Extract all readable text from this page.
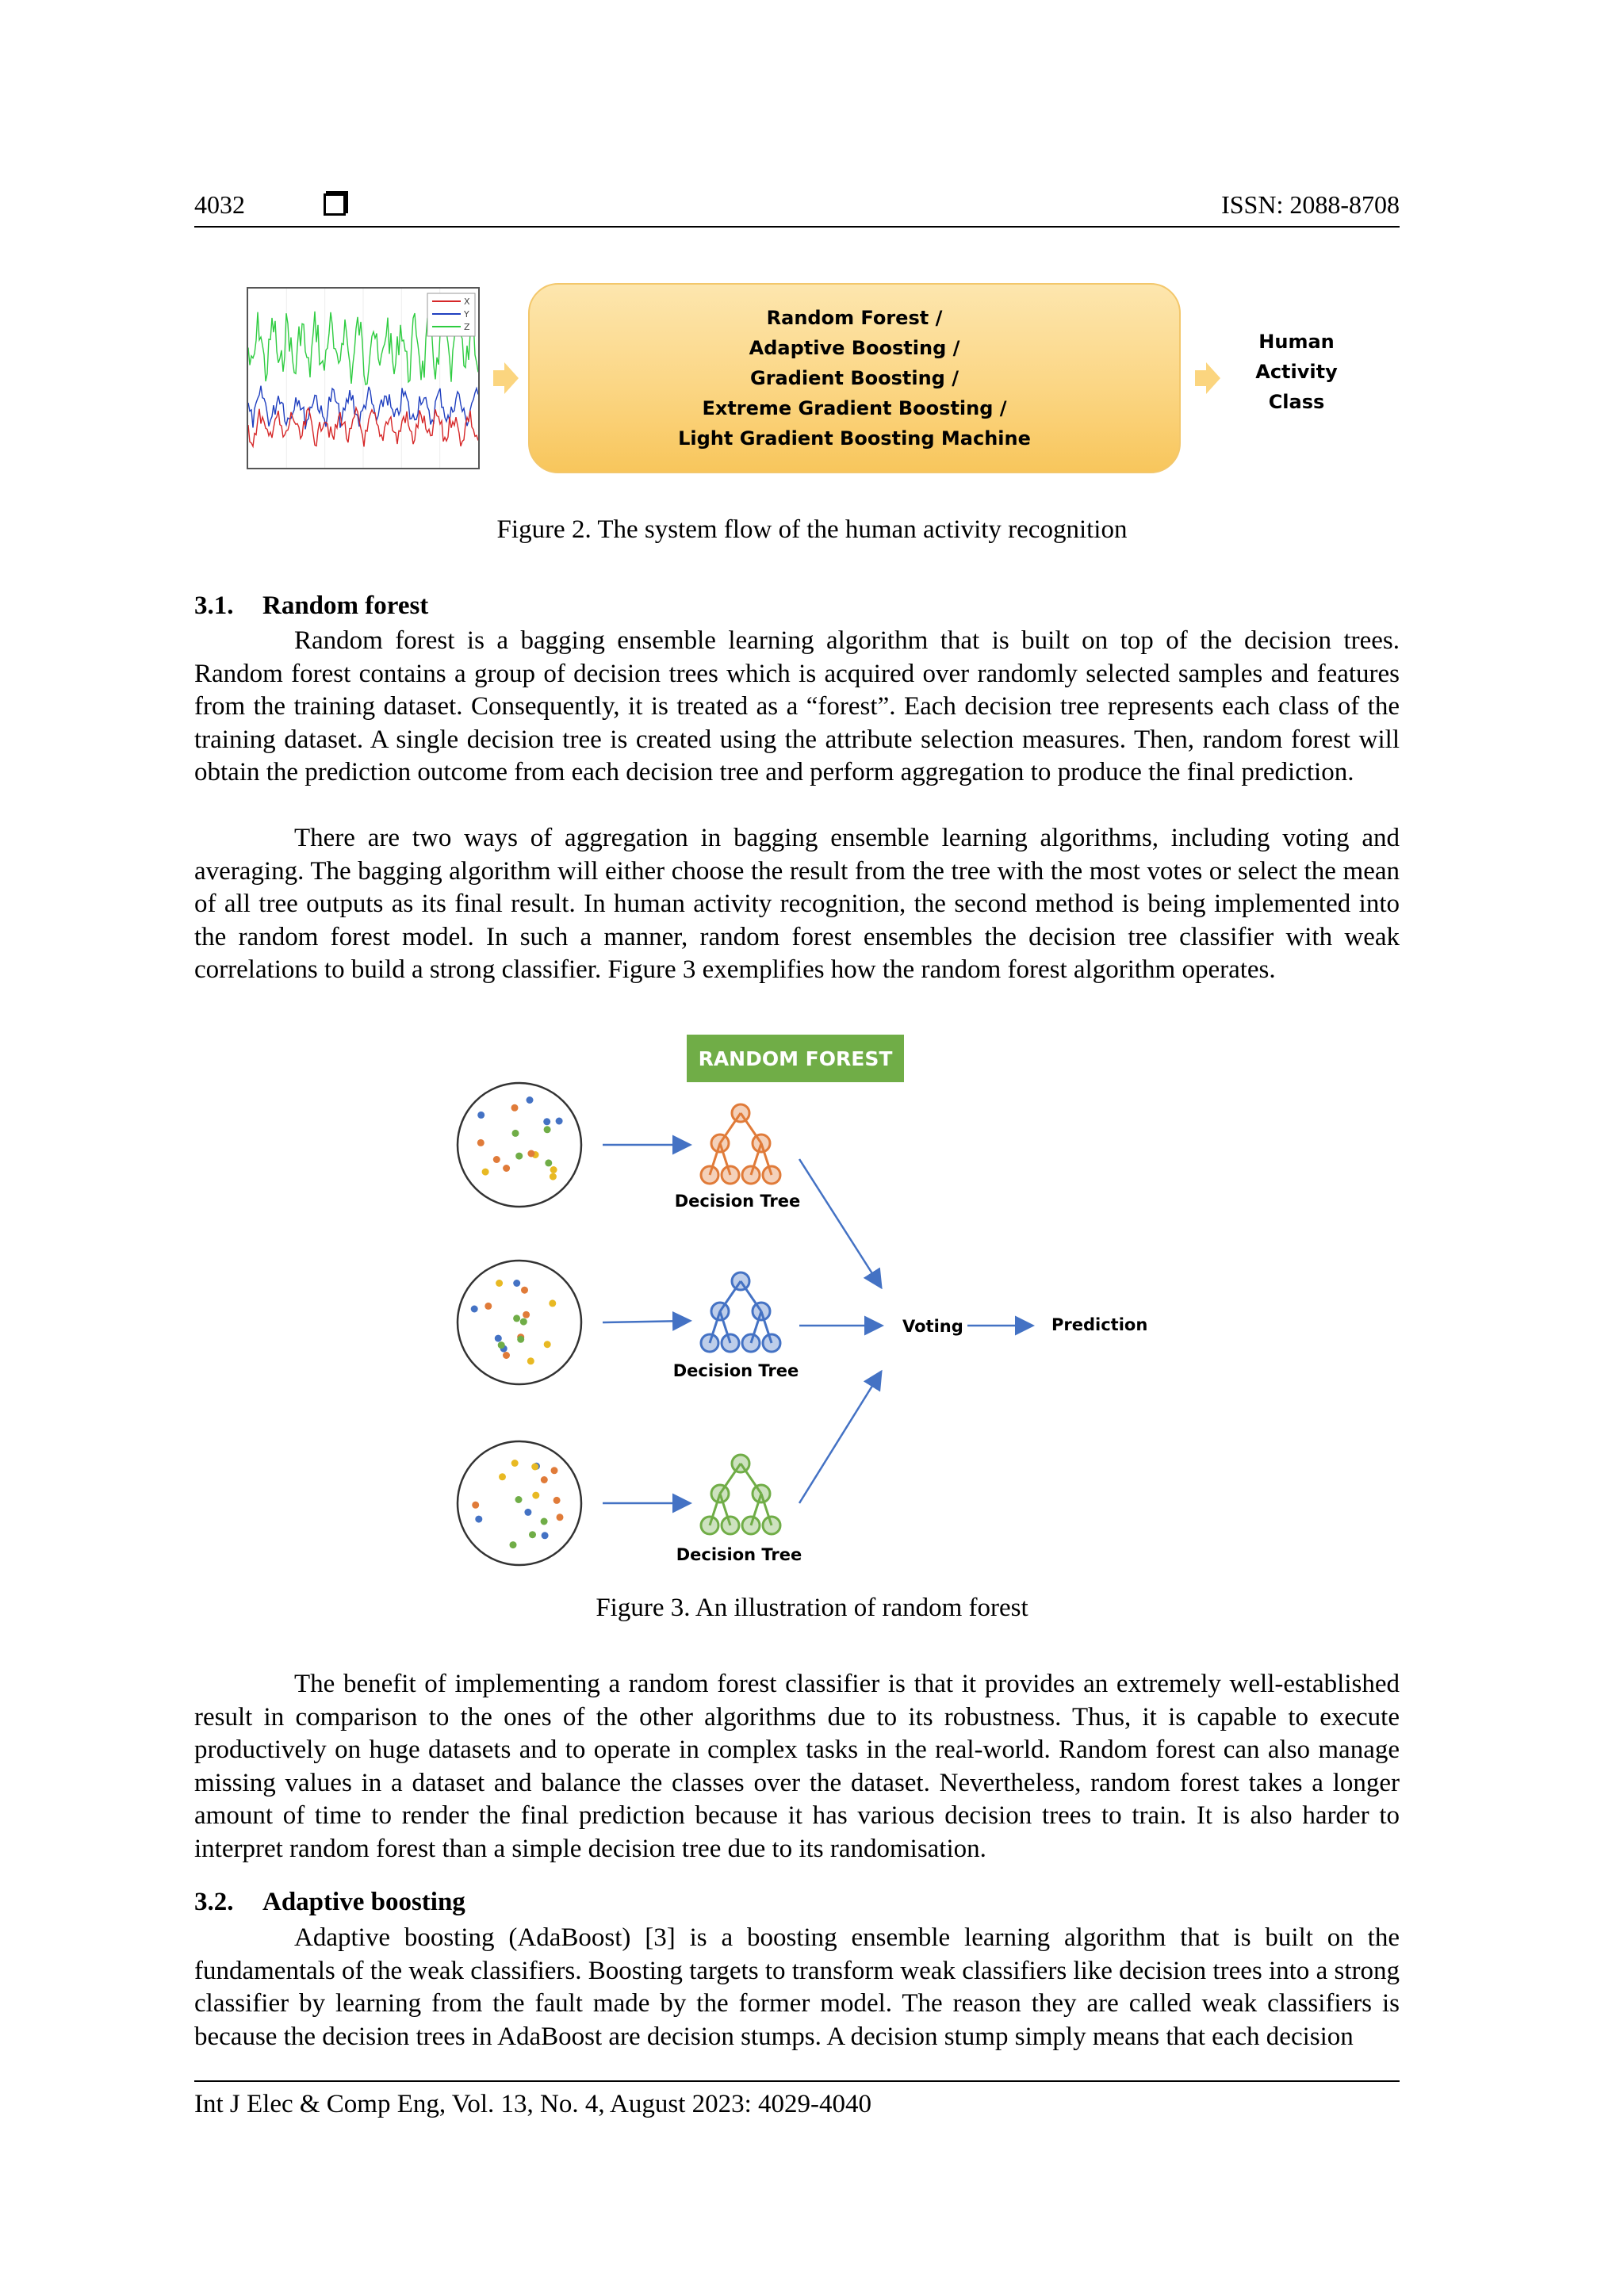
4032	ISSN: 2088-8708
X
Y
Z	Random Forest /
Adaptive Boosting /
Gradient Boosting /
Extreme Gradient Boosting /
Light Gradient Boosting Machine
Human
Activity
Class
Figure 2. The system flow of the human activity recognition
3.1. Random forest

Random forest is a bagging ensemble learning algorithm that is built on top of the decision trees. Random forest contains a group of decision trees which is acquired over randomly selected samples and features from the training dataset. Consequently, it is treated as a “forest”. Each decision tree represents each class of the training dataset. A single decision tree is created using the attribute selection measures. Then, random forest will obtain the prediction outcome from each decision tree and perform aggregation to produce the final prediction.

There are two ways of aggregation in bagging ensemble learning algorithms, including voting and averaging. The bagging algorithm will either choose the result from the tree with the most votes or select the mean of all tree outputs as its final result. In human activity recognition, the second method is being implemented into the random forest model. In such a manner, random forest ensembles the decision tree classifier with weak correlations to build a strong classifier. Figure 3 exemplifies how the random forest algorithm operates.

RANDOM FOREST
Decision Tree
Decision Tree
Decision Tree
Voting	Prediction
Figure 3. An illustration of random forest

The benefit of implementing a random forest classifier is that it provides an extremely well-established result in comparison to the ones of the other algorithms due to its robustness. Thus, it is capable to execute productively on huge datasets and to operate in complex tasks in the real-world. Random forest can also manage missing values in a dataset and balance the classes over the dataset. Nevertheless, random forest takes a longer amount of time to render the final prediction because it has various decision trees to train. It is also harder to interpret random forest than a simple decision tree due to its randomisation.

3.2. Adaptive boosting

Adaptive boosting (AdaBoost) [3] is a boosting ensemble learning algorithm that is built on the fundamentals of the weak classifiers. Boosting targets to transform weak classifiers like decision trees into a strong classifier by learning from the fault made by the former model. The reason they are called weak classifiers is because the decision trees in AdaBoost are decision stumps. A decision stump simply means that each decision

Int J Elec & Comp Eng, Vol. 13, No. 4, August 2023: 4029-4040
